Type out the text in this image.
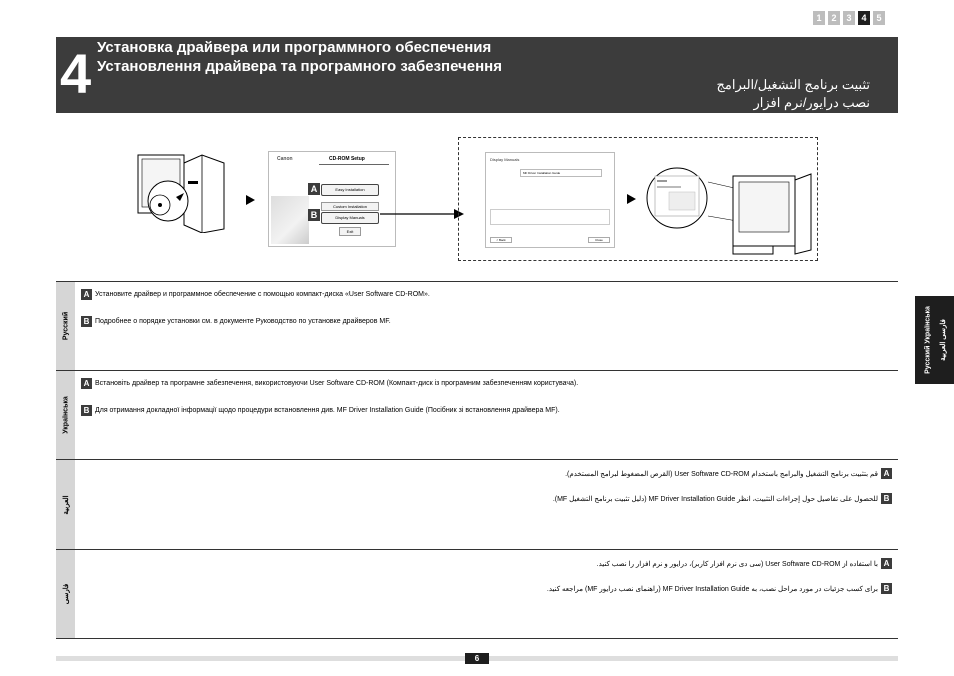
1	2	3	4	5
4 Установка драйвера или программного обеспечения
Установлення драйвера та програмного забезпечення
تثبيت برنامج التشغيل/البرامج
نصب درايور/نرم افزار
Canon	CD-ROM Setup
Easy Installation
Custom Installation
Display Manuals
Exit
A
B
Display Manuals
MF Driver Installation Guide
< Back	Close
Русский
A Установите драйвер и программное обеспечение с помощью компакт-диска «User Software CD-ROM».
B Подробнее о порядке установки см. в документе Руководство по установке драйверов MF.
Українська
A Встановіть драйвер та програмне забезпечення, використовуючи User Software CD-ROM (Компакт-диск із програмним забезпеченням користувача).
B Для отримання докладної інформації щодо процедури встановлення див. MF Driver Installation Guide (Посібник зі встановлення драйвера MF).
العربية
A
قم بتثبيت برنامج التشغيل والبرامج باستخدام User Software CD-ROM (القرص المضغوط لبرامج المستخدم).
B
للحصول على تفاصيل حول إجراءات التثبيت، انظر MF Driver Installation Guide (دليل تثبيت برنامج التشغيل MF).
فارسی
A
با استفاده از User Software CD-ROM (سی دی نرم افزار کاربر)، درایور و نرم افزار را نصب کنید.
B
برای کسب جزئیات در مورد مراحل نصب، به MF Driver Installation Guide (راهنمای نصب درایور MF) مراجعه کنید.
Русский Українська فارسی العربية
6
